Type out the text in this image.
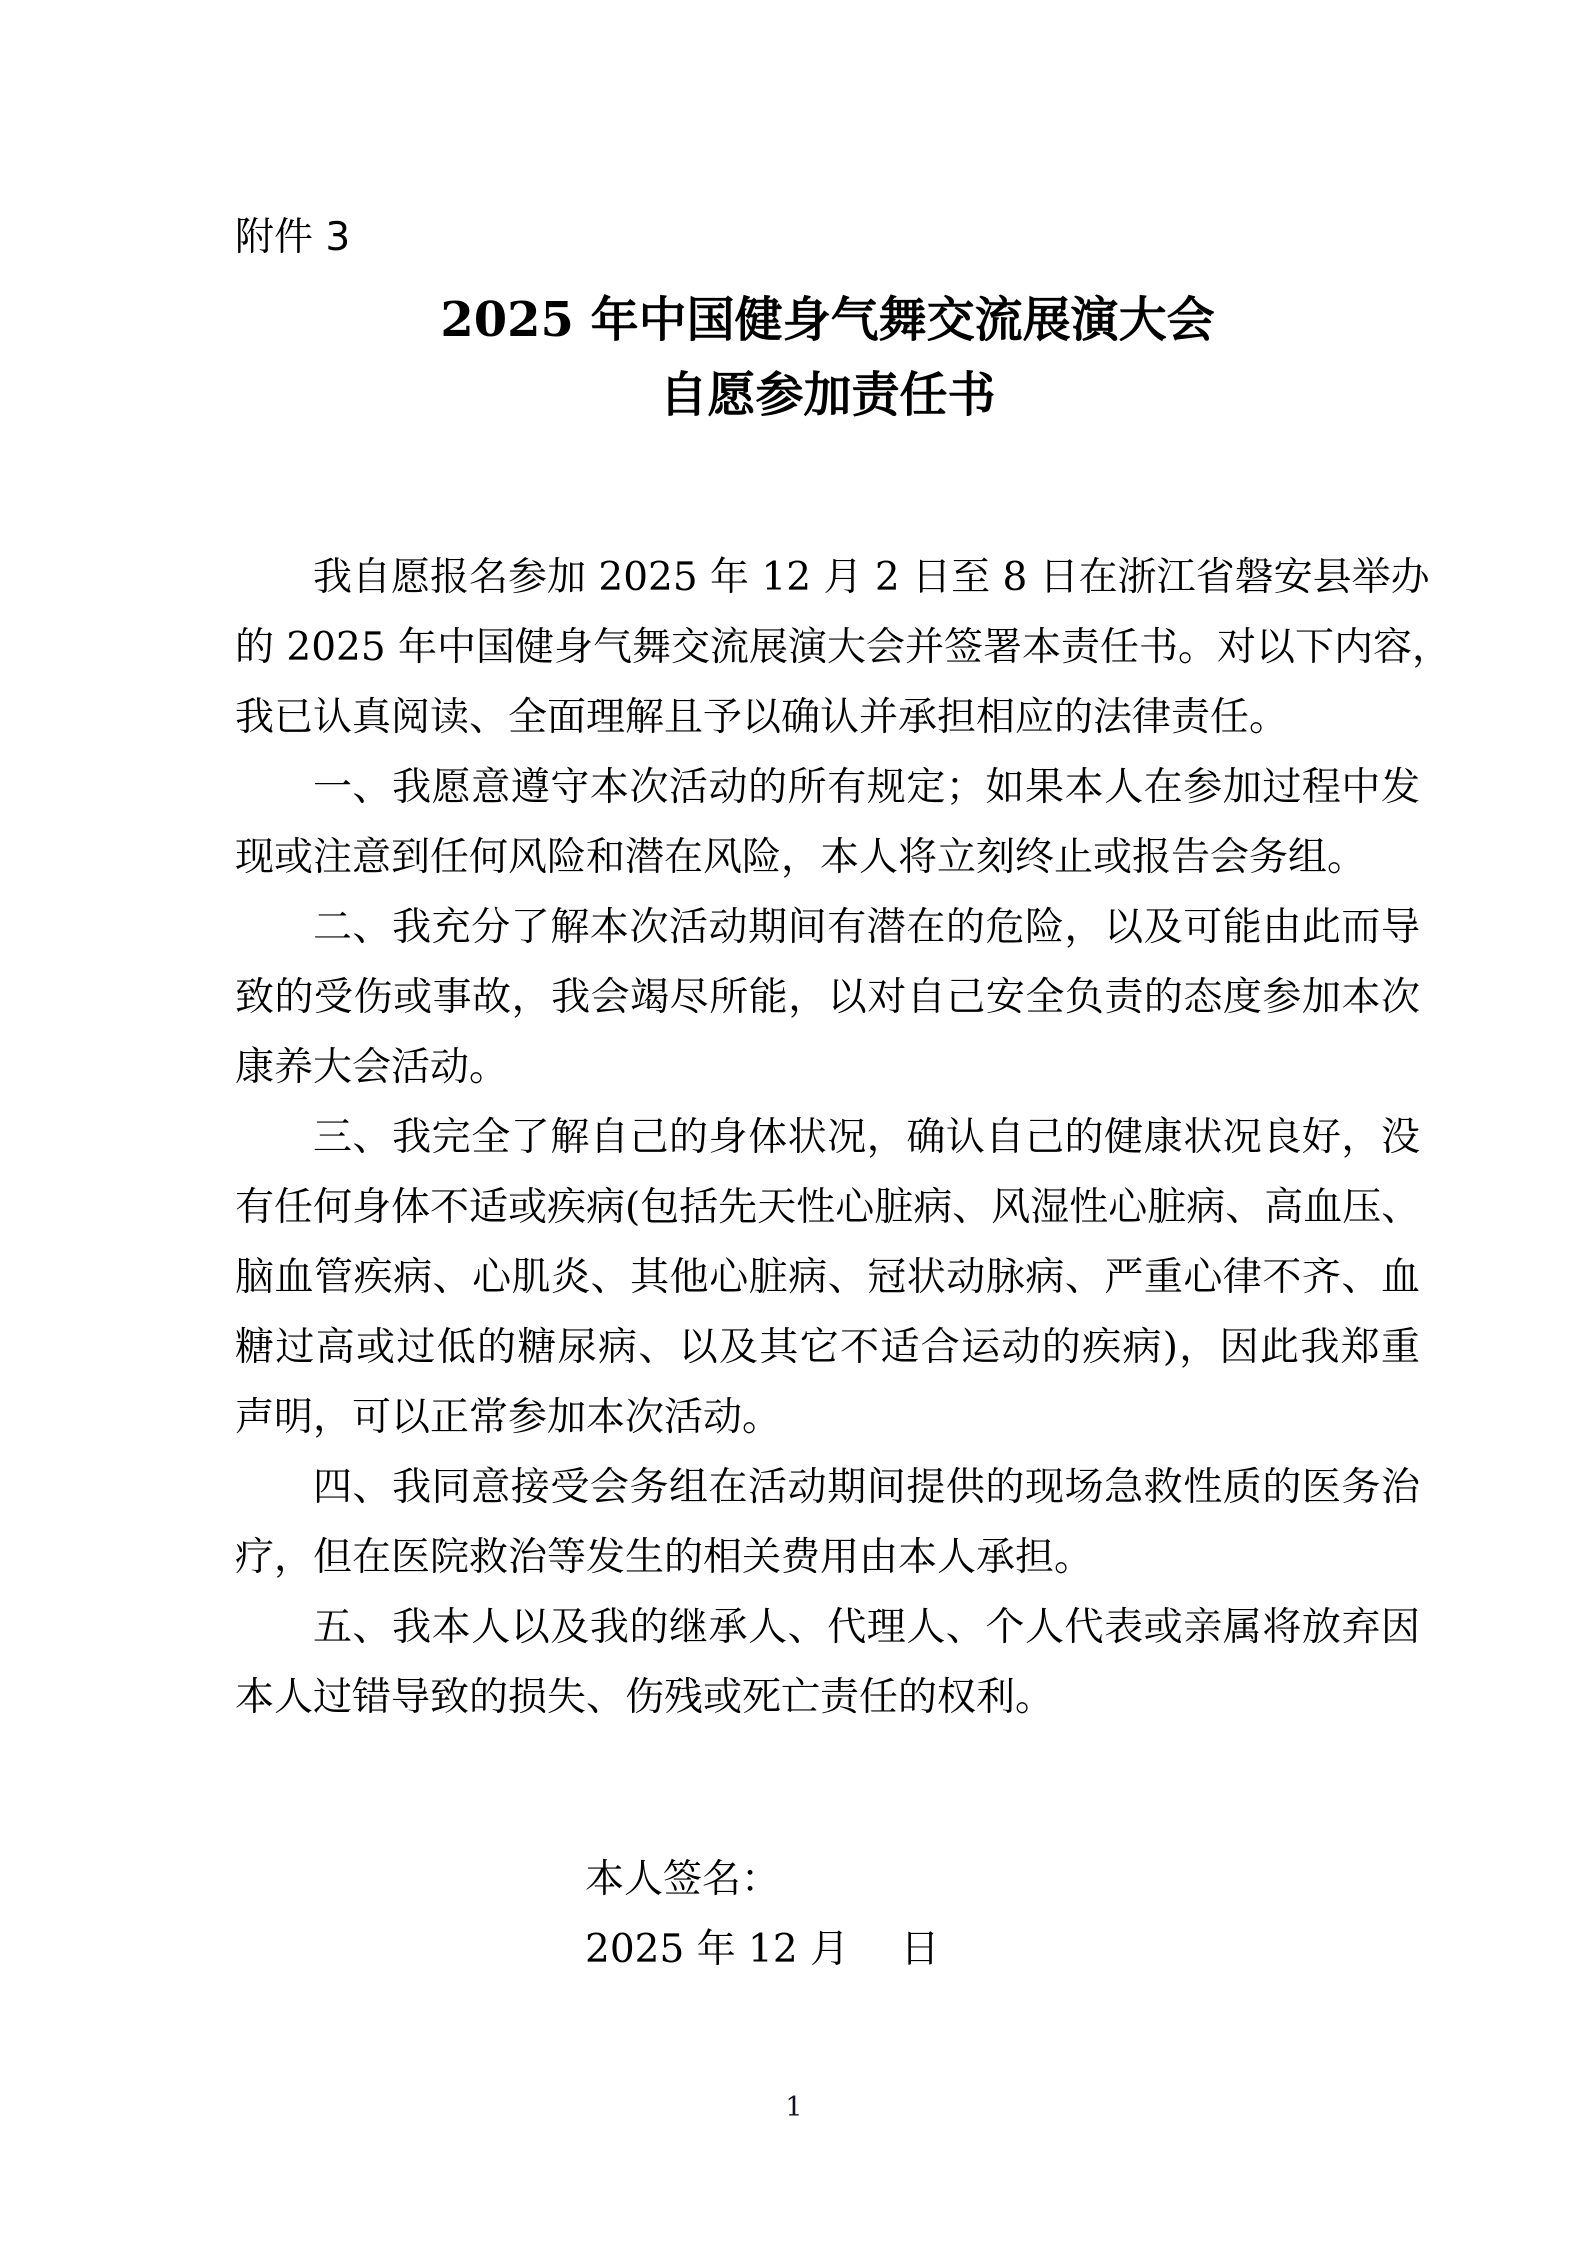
附件 3
2025 年中国健身气舞交流展演大会
自愿参加责任书
我自愿报名参加 2025 年 12 月 2 日至 8 日在浙江省磐安县举办
的 2025 年中国健身气舞交流展演大会并签署本责任书。对以下内容，
我已认真阅读、全面理解且予以确认并承担相应的法律责任。
一、我愿意遵守本次活动的所有规定；如果本人在参加过程中发
现或注意到任何风险和潜在风险，本人将立刻终止或报告会务组。
二、我充分了解本次活动期间有潜在的危险，以及可能由此而导
致的受伤或事故，我会竭尽所能，以对自己安全负责的态度参加本次
康养大会活动。
三、我完全了解自己的身体状况，确认自己的健康状况良好，没
有任何身体不适或疾病(包括先天性心脏病、风湿性心脏病、高血压、
脑血管疾病、心肌炎、其他心脏病、冠状动脉病、严重心律不齐、血
糖过高或过低的糖尿病、以及其它不适合运动的疾病)，因此我郑重
声明，可以正常参加本次活动。
四、我同意接受会务组在活动期间提供的现场急救性质的医务治
疗，但在医院救治等发生的相关费用由本人承担。
五、我本人以及我的继承人、代理人、个人代表或亲属将放弃因
本人过错导致的损失、伤残或死亡责任的权利。
本人签名：
2025 年 12 月　 日
1
